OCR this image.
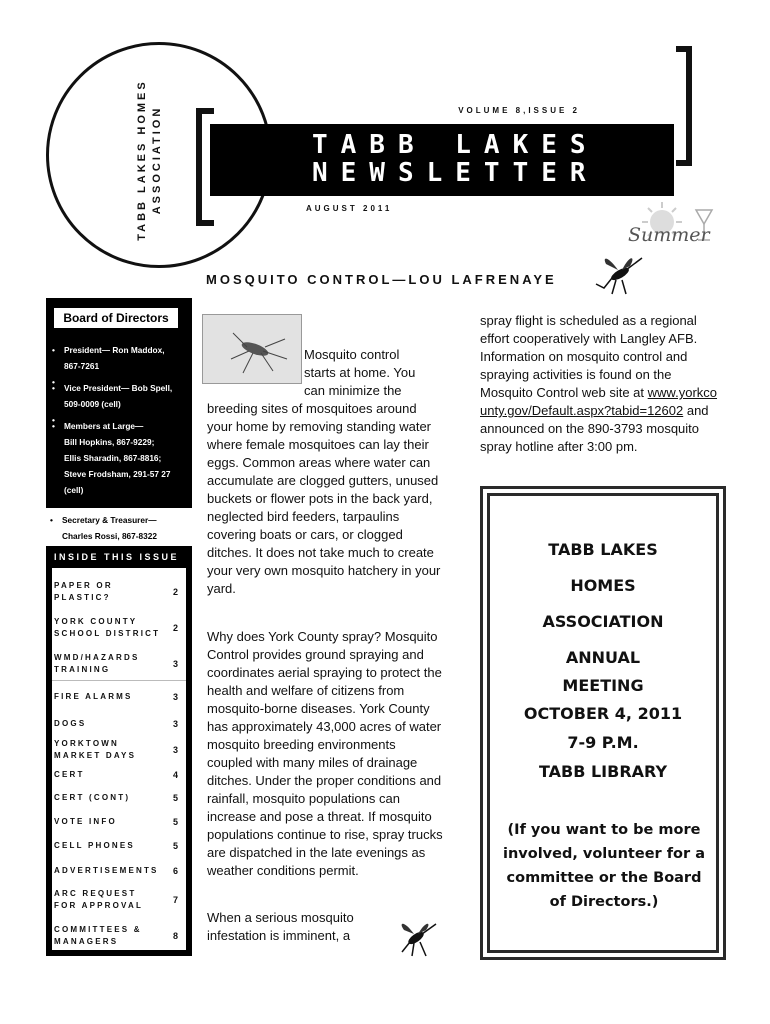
TABB LAKES HOMES
ASSOCIATION	VOLUME 8,ISSUE 2
TABB LAKES
NEWSLETTER
AUGUST 2011
Summer
MOSQUITO CONTROL—LOU LAFRENAYE
Board of Directors
• President— Ron Maddox,
867-7261
•
• Vice President— Bob Spell,
509-0009 (cell)
•
• Members at Large—
Bill Hopkins, 867-9229;
Ellis Sharadin, 867-8816;
Steve Frodsham, 291-57 27
(cell)
• Secretary & Treasurer—
Charles Rossi, 867-8322
INSIDE THIS ISSUE
PAPER OR PLASTIC?
2
YORK COUNTY SCHOOL DISTRICT
2
WMD/HAZARDS TRAINING
3
FIRE ALARMS	3
DOGS	3
YORKTOWN MARKET DAYS
3
CERT	4
CERT (CONT)	5
VOTE INFO	5
CELL PHONES	5
ADVERTISEMENTS	6
ARC REQUEST FOR APPROVAL
7
COMMITTEES & MANAGERS
8
Mosquito control
starts at home. You
can minimize the
breeding sites of mosquitoes around your home by removing standing water where female mosquitoes can lay their eggs. Common areas where water can accumulate are clogged gutters, unused buckets or flower pots in the back yard, neglected bird feeders, tarpaulins covering boats or cars, or clogged ditches. It does not take much to create your very own mosquito hatchery in your yard.
Why does York County spray? Mosquito Control provides ground spraying and coordinates aerial spraying to protect the health and welfare of citizens from mosquito-borne diseases. York County has approximately 43,000 acres of water mosquito breeding environments coupled with many miles of drainage ditches. Under the proper conditions and rainfall, mosquito populations can increase and pose a threat. If mosquito populations continue to rise, spray trucks are dispatched in the late evenings as weather conditions permit.
When a serious mosquito infestation is imminent, a
spray flight is scheduled as a regional effort cooperatively with Langley AFB. Information on mosquito control and spraying activities is found on the Mosquito Control web site at www.yorkcounty.gov/Default.aspx?tabid=12602 and announced on the 890-3793 mosquito spray hotline after 3:00 pm.
TABB LAKES
HOMES
ASSOCIATION
ANNUAL
MEETING
OCTOBER 4, 2011
7-9 P.M.
TABB LIBRARY
(If you want to be more involved, volunteer for a committee or the Board of Directors.)
